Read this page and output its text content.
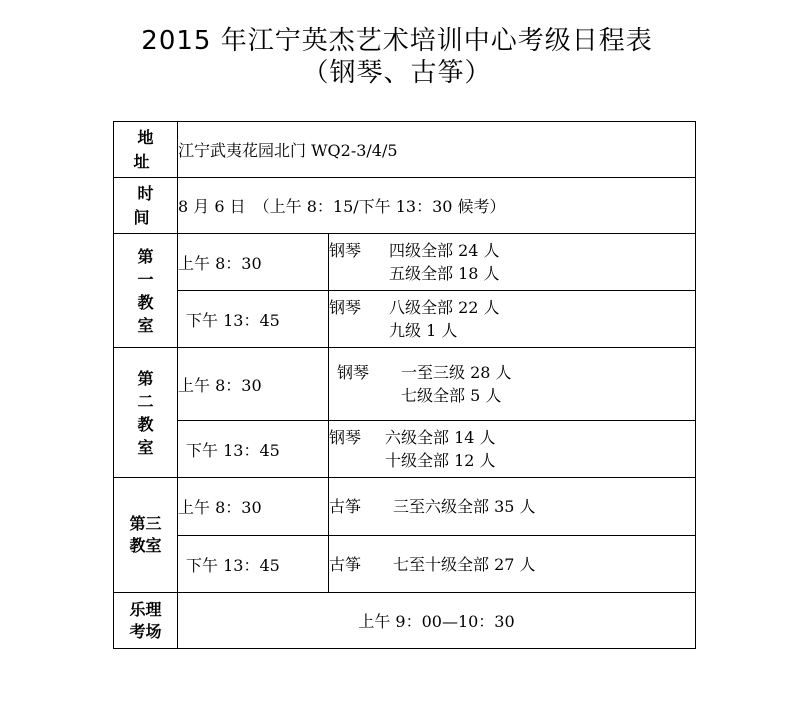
2015 年江宁英杰艺术培训中心考级日程表
（钢琴、古筝）
地 址	江宁武夷花园北门 WQ2-3/4/5	

时 间	8 月 6 日　（上午 8：15/下午 13：30 候考）	

第一教室	上午 8：30	钢琴 四级全部 24 人
五级全部 18 人

	下午 13：45	钢琴 八级全部 22 人
九级 1 人

第二教室	上午 8：30	钢琴 一至三级 28 人
七级全部 5 人

	下午 13：45	钢琴 六级全部 14 人
十级全部 12 人

第三教室	上午 8：30	古筝 三至六级全部 35 人

	下午 13：45	古筝 七至十级全部 27 人

乐理考场	上午 9：00—10：30	
